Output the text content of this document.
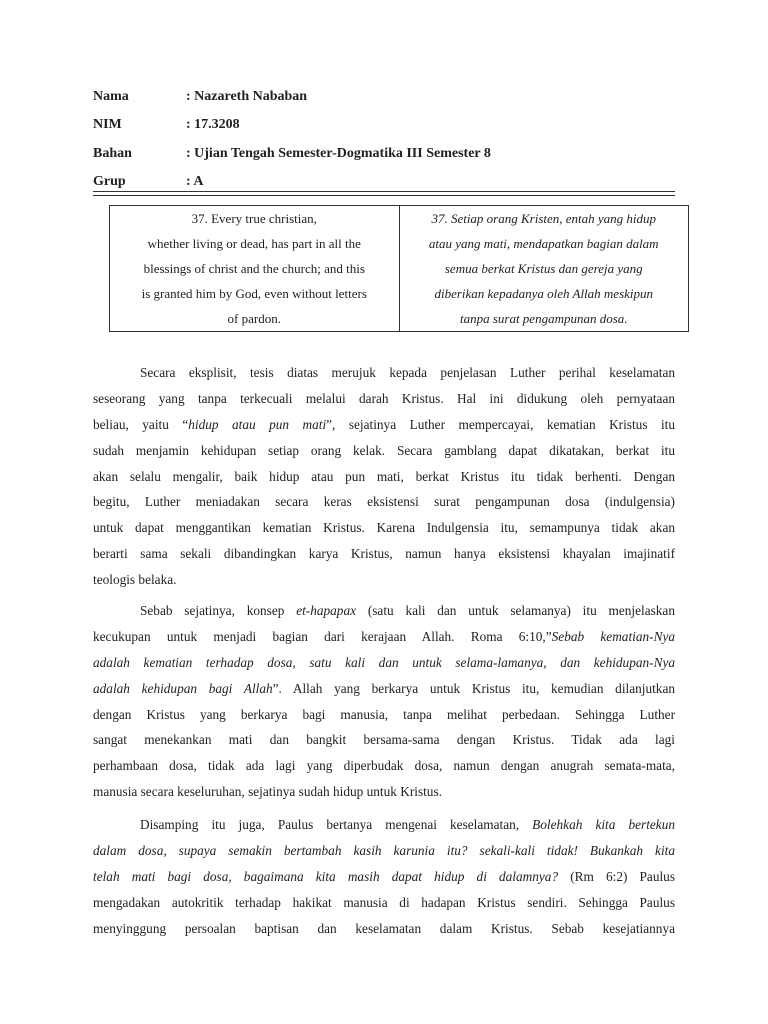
Nama	: Nazareth Nababan
NIM	: 17.3208
Bahan	: Ujian Tengah Semester-Dogmatika III Semester 8
Grup	: A
37. Every true christian,
whether living or dead, has part in all the
blessings of christ and the church; and this
is granted him by God, even without letters
of pardon.

37. Setiap orang Kristen, entah yang hidup
atau yang mati, mendapatkan bagian dalam
semua berkat Kristus dan gereja yang
diberikan kepadanya oleh Allah meskipun
tanpa surat pengampunan dosa.
Secara eksplisit, tesis diatas merujuk kepada penjelasan Luther perihal keselamatan
seseorang yang tanpa terkecuali melalui darah Kristus. Hal ini didukung oleh pernyataan
beliau, yaitu “hidup atau pun mati”, sejatinya Luther mempercayai, kematian Kristus itu
sudah menjamin kehidupan setiap orang kelak. Secara gamblang dapat dikatakan, berkat itu
akan selalu mengalir, baik hidup atau pun mati, berkat Kristus itu tidak berhenti. Dengan
begitu, Luther meniadakan secara keras eksistensi surat pengampunan dosa (indulgensia)
untuk dapat menggantikan kematian Kristus. Karena Indulgensia itu, semampunya tidak akan
berarti sama sekali dibandingkan karya Kristus, namun hanya eksistensi khayalan imajinatif
teologis belaka.
Sebab sejatinya, konsep et-hapapax (satu kali dan untuk selamanya) itu menjelaskan
kecukupan untuk menjadi bagian dari kerajaan Allah. Roma 6:10,”Sebab kematian-Nya
adalah kematian terhadap dosa, satu kali dan untuk selama-lamanya, dan kehidupan-Nya
adalah kehidupan bagi Allah”. Allah yang berkarya untuk Kristus itu, kemudian dilanjutkan
dengan Kristus yang berkarya bagi manusia, tanpa melihat perbedaan. Sehingga Luther
sangat menekankan mati dan bangkit bersama-sama dengan Kristus. Tidak ada lagi
perhambaan dosa, tidak ada lagi yang diperbudak dosa, namun dengan anugrah semata-mata,
manusia secara keseluruhan, sejatinya sudah hidup untuk Kristus.
Disamping itu juga, Paulus bertanya mengenai keselamatan, Bolehkah kita bertekun
dalam dosa, supaya semakin bertambah kasih karunia itu? sekali-kali tidak! Bukankah kita
telah mati bagi dosa, bagaimana kita masih dapat hidup di dalamnya? (Rm 6:2) Paulus
mengadakan autokritik terhadap hakikat manusia di hadapan Kristus sendiri. Sehingga Paulus
menyinggung persoalan baptisan dan keselamatan dalam Kristus. Sebab kesejatiannya
